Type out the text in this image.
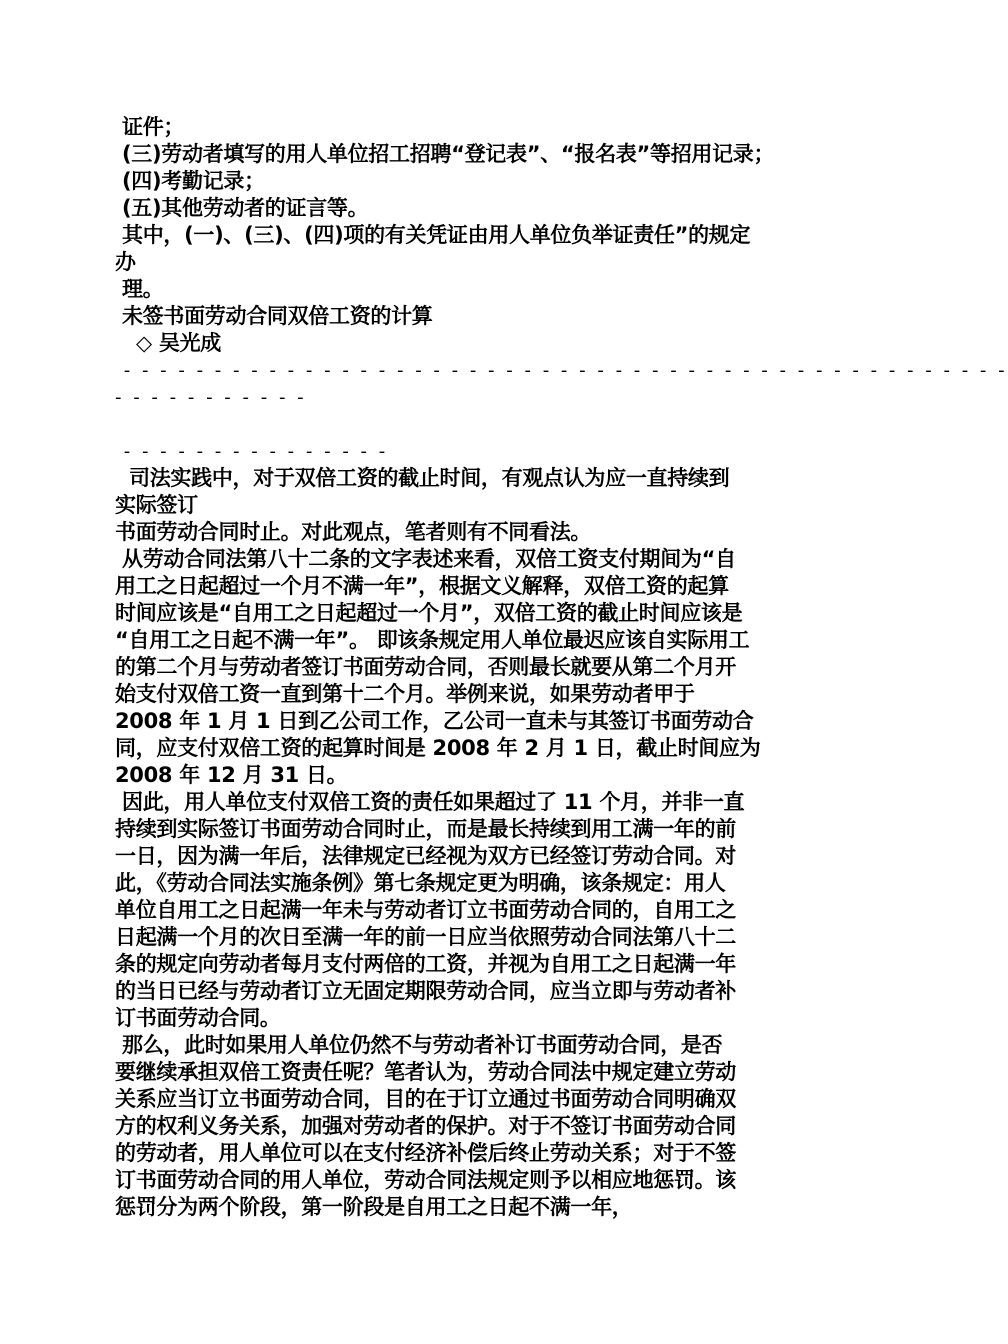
证件；
(三)劳动者填写的用人单位招工招聘“登记表”、“报名表”等招用记录；
(四)考勤记录；
(五)其他劳动者的证言等。
其中，(一)、(三)、(四)项的有关凭证由用人单位负举证责任”的规定
办
理。
未签书面劳动合同双倍工资的计算
◇ 吴光成
- - - - - - - - - - - - - - - - - - - - - - - - - - - - - - - - - - - - - - - - - - - - - - - - -
- - - - - - - - - - -
- - - - - - - - - - - - - - -
司法实践中，对于双倍工资的截止时间，有观点认为应一直持续到
实际签订
书面劳动合同时止。对此观点，笔者则有不同看法。
从劳动合同法第八十二条的文字表述来看，双倍工资支付期间为“自
用工之日起超过一个月不满一年”，根据文义解释，双倍工资的起算
时间应该是“自用工之日起超过一个月”，双倍工资的截止时间应该是
“自用工之日起不满一年”。 即该条规定用人单位最迟应该自实际用工
的第二个月与劳动者签订书面劳动合同，否则最长就要从第二个月开
始支付双倍工资一直到第十二个月。举例来说，如果劳动者甲于
2008 年 1 月 1 日到乙公司工作，乙公司一直未与其签订书面劳动合
同，应支付双倍工资的起算时间是 2008 年 2 月 1 日，截止时间应为
2008 年 12 月 31 日。
因此，用人单位支付双倍工资的责任如果超过了 11 个月，并非一直
持续到实际签订书面劳动合同时止，而是最长持续到用工满一年的前
一日，因为满一年后，法律规定已经视为双方已经签订劳动合同。对
此，《劳动合同法实施条例》第七条规定更为明确，该条规定：用人
单位自用工之日起满一年未与劳动者订立书面劳动合同的，自用工之
日起满一个月的次日至满一年的前一日应当依照劳动合同法第八十二
条的规定向劳动者每月支付两倍的工资，并视为自用工之日起满一年
的当日已经与劳动者订立无固定期限劳动合同，应当立即与劳动者补
订书面劳动合同。
那么，此时如果用人单位仍然不与劳动者补订书面劳动合同，是否
要继续承担双倍工资责任呢？笔者认为，劳动合同法中规定建立劳动
关系应当订立书面劳动合同，目的在于订立通过书面劳动合同明确双
方的权利义务关系，加强对劳动者的保护。对于不签订书面劳动合同
的劳动者，用人单位可以在支付经济补偿后终止劳动关系；对于不签
订书面劳动合同的用人单位，劳动合同法规定则予以相应地惩罚。该
惩罚分为两个阶段，第一阶段是自用工之日起不满一年，
